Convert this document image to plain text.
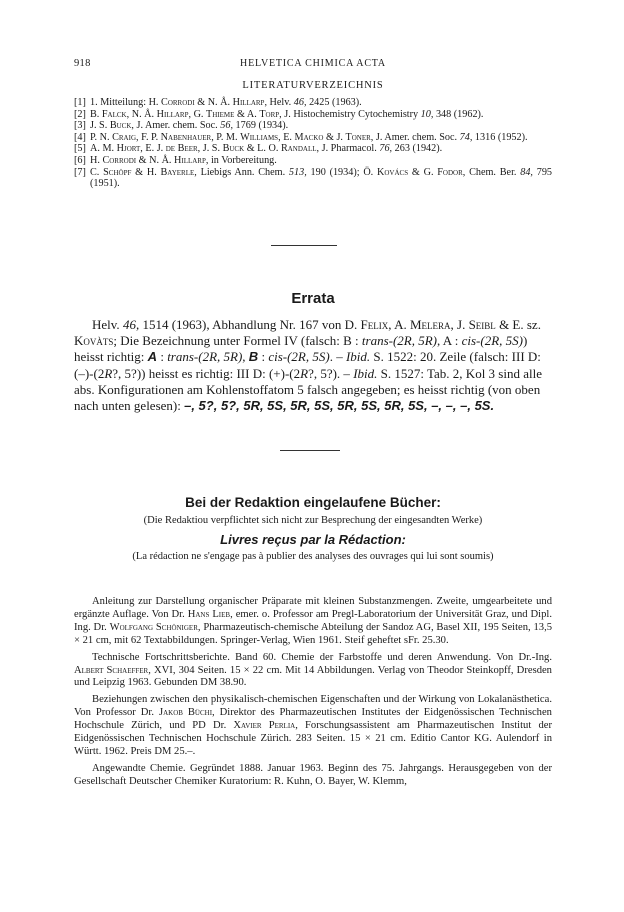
918	HELVETICA CHIMICA ACTA
LITERATURVERZEICHNIS
[1] 1. Mitteilung: H. Corrodi & N. Å. Hillarp, Helv. 46, 2425 (1963).
[2] B. Falck, N. Å. Hillarp, G. Thieme & A. Torp, J. Histochemistry Cytochemistry 10, 348 (1962).
[3] J. S. Buck, J. Amer. chem. Soc. 56, 1769 (1934).
[4] P. N. Craig, F. P. Nabenhauer, P. M. Williams, E. Macko & J. Toner, J. Amer. chem. Soc. 74, 1316 (1952).
[5] A. M. Hjort, E. J. de Beer, J. S. Buck & L. O. Randall, J. Pharmacol. 76, 263 (1942).
[6] H. Corrodi & N. Å. Hillarp, in Vorbereitung.
[7] C. Schöpf & H. Bayerle, Liebigs Ann. Chem. 513, 190 (1934); Ö. Kovács & G. Fodor, Chem. Ber. 84, 795 (1951).
Errata

Helv. 46, 1514 (1963), Abhandlung Nr. 167 von D. Felix, A. Melera, J. Seibl & E. sz. Kovàts; Die Bezeichnung unter Formel IV (falsch: B : trans-(2R, 5R), A : cis-(2R, 5S)) heisst richtig: A : trans-(2R, 5R), B : cis-(2R, 5S). – Ibid. S. 1522: 20. Zeile (falsch: III D: (–)-(2R?, 5?)) heisst es richtig: III D: (+)-(2R?, 5?). – Ibid. S. 1527: Tab. 2, Kol 3 sind alle abs. Konfigurationen am Kohlenstoffatom 5 falsch angegeben; es heisst richtig (von oben nach unten gelesen): –, 5?, 5?, 5R, 5S, 5R, 5S, 5R, 5S, 5R, 5S, –, –, –, 5S.

Bei der Redaktion eingelaufene Bücher:
(Die Redaktiou verpflichtet sich nicht zur Besprechung der eingesandten Werke)
Livres reçus par la Rédaction:
(La rédaction ne s'engage pas à publier des analyses des ouvrages qui lui sont soumis)

Anleitung zur Darstellung organischer Präparate mit kleinen Substanzmengen. Zweite, umgearbeitete und ergänzte Auflage. Von Dr. Hans Lieb, emer. o. Professor am Pregl-Laboratorium der Universität Graz, und Dipl. Ing. Dr. Wolfgang Schöniger, Pharmazeutisch-chemische Abteilung der Sandoz AG, Basel XII, 195 Seiten, 13,5 × 21 cm, mit 62 Textabbildungen. Springer-Verlag, Wien 1961. Steif geheftet sFr. 25.30.

Technische Fortschrittsberichte. Band 60. Chemie der Farbstoffe und deren Anwendung. Von Dr.-Ing. Albert Schaeffer, XVI, 304 Seiten. 15 × 22 cm. Mit 14 Abbildungen. Verlag von Theodor Steinkopff, Dresden und Leipzig 1963. Gebunden DM 38.90.

Beziehungen zwischen den physikalisch-chemischen Eigenschaften und der Wirkung von Lokalanästhetica. Von Professor Dr. Jakob Büchi, Direktor des Pharmazeutischen Institutes der Eidgenössischen Technischen Hochschule Zürich, und PD Dr. Xavier Perlia, Forschungsassistent am Pharmazeutischen Institut der Eidgenössischen Technischen Hochschule Zürich. 283 Seiten. 15 × 21 cm. Editio Cantor KG. Aulendorf in Württ. 1962. Preis DM 25.–.

Angewandte Chemie. Gegründet 1888. Januar 1963. Beginn des 75. Jahrgangs. Herausgegeben von der Gesellschaft Deutscher Chemiker Kuratorium: R. Kuhn, O. Bayer, W. Klemm,
